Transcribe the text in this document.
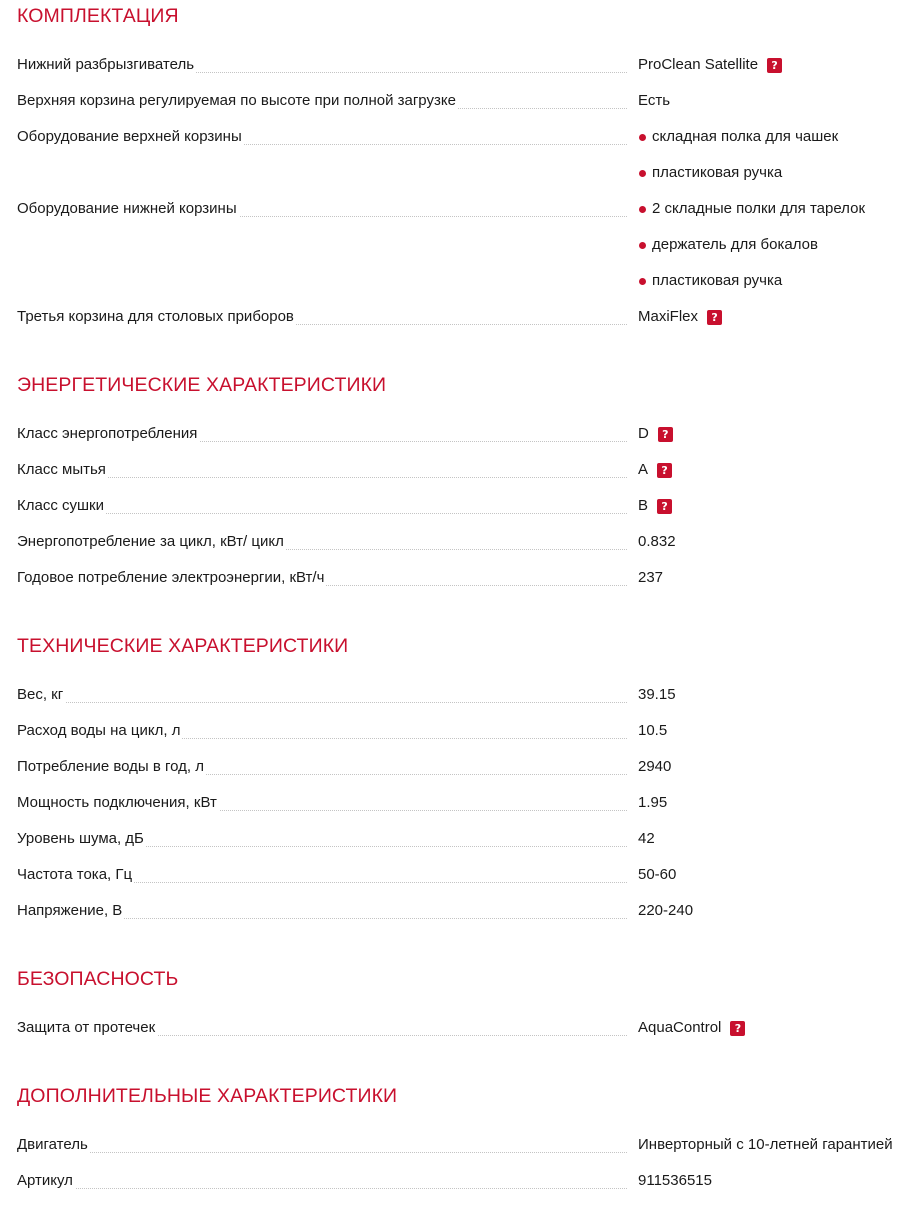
КОМПЛЕКТАЦИЯ
Нижний разбрызгиватель	ProClean Satellite	?
Верхняя корзина регулируемая по высоте при полной загрузке	Есть
Оборудование верхней корзины	складная полка для чашек
пластиковая ручка
Оборудование нижней корзины	2 складные полки для тарелок
держатель для бокалов
пластиковая ручка
Третья корзина для столовых приборов	MaxiFlex	?
ЭНЕРГЕТИЧЕСКИЕ ХАРАКТЕРИСТИКИ
Класс энергопотребления	D	?
Класс мытья	A	?
Класс сушки	B	?
Энергопотребление за цикл, кВт/ цикл	0.832
Годовое потребление электроэнергии, кВт/ч	237
ТЕХНИЧЕСКИЕ ХАРАКТЕРИСТИКИ
Вес, кг	39.15
Расход воды на цикл, л	10.5
Потребление воды в год, л	2940
Мощность подключения, кВт	1.95
Уровень шума, дБ	42
Частота тока, Гц	50-60
Напряжение, В	220-240
БЕЗОПАСНОСТЬ
Защита от протечек	AquaControl	?
ДОПОЛНИТЕЛЬНЫЕ ХАРАКТЕРИСТИКИ
Двигатель	Инверторный с 10-летней гарантией
Артикул	911536515
